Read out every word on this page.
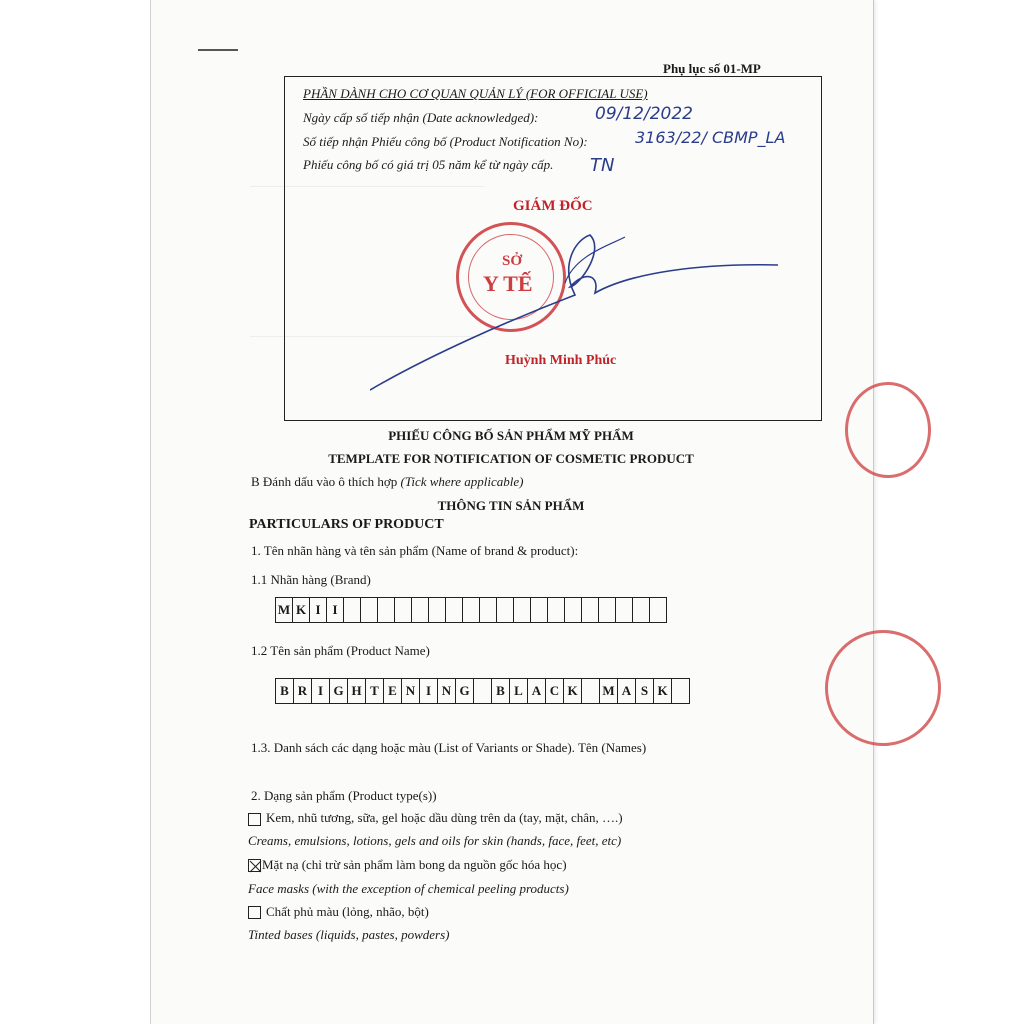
Phụ lục số 01-MP
PHẦN DÀNH CHO CƠ QUAN QUẢN LÝ (FOR OFFICIAL USE)
Ngày cấp số tiếp nhận (Date acknowledged):	09/12/2022
Số tiếp nhận Phiếu công bố (Product Notification No):	3163/22/ CBMP_LA
Phiếu công bố có giá trị 05 năm kể từ ngày cấp. TN
GIÁM ĐỐC
SỞ
Y TẾ
Huỳnh Minh Phúc
————————————————————————
————————————————————————
PHIẾU CÔNG BỐ SẢN PHẨM MỸ PHẨM
TEMPLATE FOR NOTIFICATION OF COSMETIC PRODUCT
B Đánh dấu vào ô thích hợp (Tick where applicable)
THÔNG TIN SẢN PHẨM
PARTICULARS OF PRODUCT
1. Tên nhãn hàng và tên sản phẩm (Name of brand & product):
1.1 Nhãn hàng (Brand)
M K I I
1.2 Tên sản phẩm (Product Name)
B R I G H T E N I N G	B L A C K	M A S K
1.3. Danh sách các dạng hoặc màu (List of Variants or Shade). Tên (Names)
2. Dạng sản phẩm (Product type(s))
Kem, nhũ tương, sữa, gel hoặc dầu dùng trên da (tay, mặt, chân, ….)
Creams, emulsions, lotions, gels and oils for skin (hands, face, feet, etc)
Mặt nạ (chỉ trừ sản phẩm làm bong da nguồn gốc hóa học)
Face masks (with the exception of chemical peeling products)
Chất phủ màu (lỏng, nhão, bột)
Tinted bases (liquids, pastes, powders)
